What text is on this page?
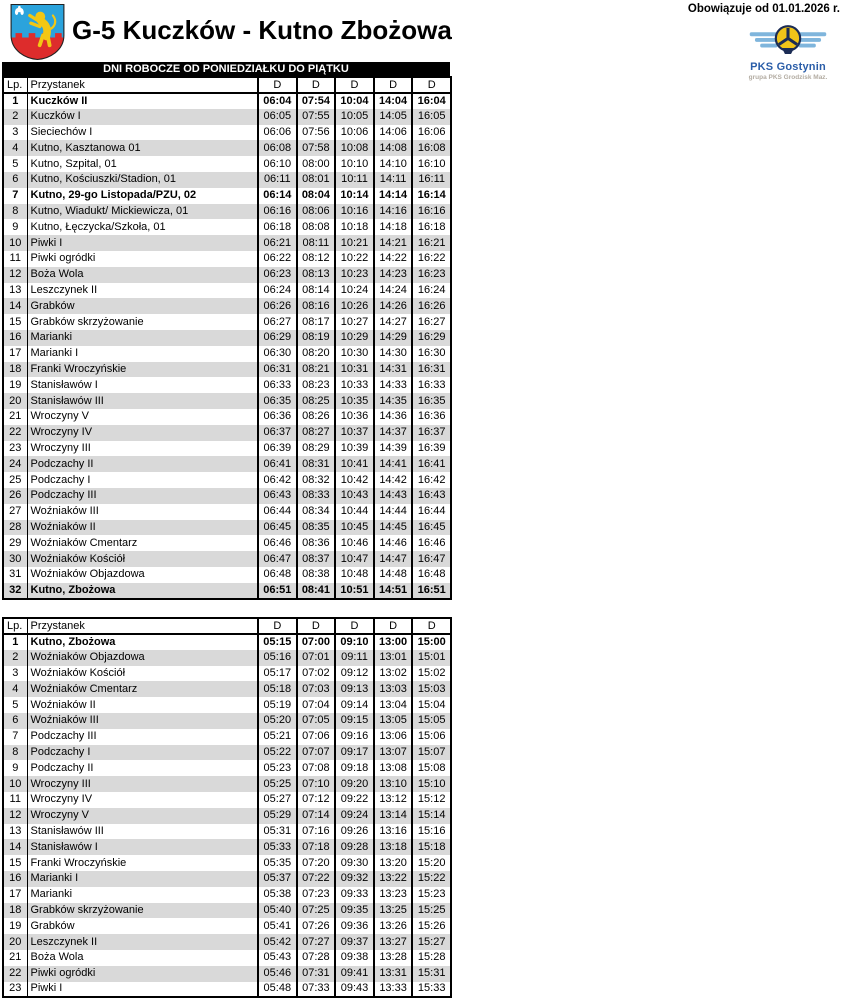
G-5 Kuczków - Kutno Zbożowa
Obowiązuje od 01.01.2026 r.
PKS Gostynin
grupa PKS Grodzisk Maz.
DNI ROBOCZE OD PONIEDZIAŁKU DO PIĄTKU
Lp.	Przystanek	D	D	D	D	D
1	Kuczków II	06:04	07:54	10:04	14:04	16:04
2	Kuczków I	06:05	07:55	10:05	14:05	16:05
3	Sieciechów I	06:06	07:56	10:06	14:06	16:06
4	Kutno, Kasztanowa 01	06:08	07:58	10:08	14:08	16:08
5	Kutno, Szpital, 01	06:10	08:00	10:10	14:10	16:10
6	Kutno, Kościuszki/Stadion, 01	06:11	08:01	10:11	14:11	16:11
7	Kutno, 29-go Listopada/PZU, 02	06:14	08:04	10:14	14:14	16:14
8	Kutno, Wiadukt/ Mickiewicza, 01	06:16	08:06	10:16	14:16	16:16
9	Kutno, Łęczycka/Szkoła, 01	06:18	08:08	10:18	14:18	16:18
10	Piwki I	06:21	08:11	10:21	14:21	16:21
11	Piwki ogródki	06:22	08:12	10:22	14:22	16:22
12	Boża Wola	06:23	08:13	10:23	14:23	16:23
13	Leszczynek II	06:24	08:14	10:24	14:24	16:24
14	Grabków	06:26	08:16	10:26	14:26	16:26
15	Grabków skrzyżowanie	06:27	08:17	10:27	14:27	16:27
16	Marianki	06:29	08:19	10:29	14:29	16:29
17	Marianki I	06:30	08:20	10:30	14:30	16:30
18	Franki Wroczyńskie	06:31	08:21	10:31	14:31	16:31
19	Stanisławów I	06:33	08:23	10:33	14:33	16:33
20	Stanisławów III	06:35	08:25	10:35	14:35	16:35
21	Wroczyny V	06:36	08:26	10:36	14:36	16:36
22	Wroczyny IV	06:37	08:27	10:37	14:37	16:37
23	Wroczyny III	06:39	08:29	10:39	14:39	16:39
24	Podczachy II	06:41	08:31	10:41	14:41	16:41
25	Podczachy I	06:42	08:32	10:42	14:42	16:42
26	Podczachy III	06:43	08:33	10:43	14:43	16:43
27	Woźniaków III	06:44	08:34	10:44	14:44	16:44
28	Woźniaków II	06:45	08:35	10:45	14:45	16:45
29	Woźniaków Cmentarz	06:46	08:36	10:46	14:46	16:46
30	Woźniaków Kościół	06:47	08:37	10:47	14:47	16:47
31	Woźniaków Objazdowa	06:48	08:38	10:48	14:48	16:48
32	Kutno, Zbożowa	06:51	08:41	10:51	14:51	16:51
Lp.	Przystanek	D	D	D	D	D
1	Kutno, Zbożowa	05:15	07:00	09:10	13:00	15:00
2	Woźniaków Objazdowa	05:16	07:01	09:11	13:01	15:01
3	Woźniaków Kościół	05:17	07:02	09:12	13:02	15:02
4	Woźniaków Cmentarz	05:18	07:03	09:13	13:03	15:03
5	Woźniaków II	05:19	07:04	09:14	13:04	15:04
6	Woźniaków III	05:20	07:05	09:15	13:05	15:05
7	Podczachy III	05:21	07:06	09:16	13:06	15:06
8	Podczachy I	05:22	07:07	09:17	13:07	15:07
9	Podczachy II	05:23	07:08	09:18	13:08	15:08
10	Wroczyny III	05:25	07:10	09:20	13:10	15:10
11	Wroczyny IV	05:27	07:12	09:22	13:12	15:12
12	Wroczyny V	05:29	07:14	09:24	13:14	15:14
13	Stanisławów III	05:31	07:16	09:26	13:16	15:16
14	Stanisławów I	05:33	07:18	09:28	13:18	15:18
15	Franki Wroczyńskie	05:35	07:20	09:30	13:20	15:20
16	Marianki I	05:37	07:22	09:32	13:22	15:22
17	Marianki	05:38	07:23	09:33	13:23	15:23
18	Grabków skrzyżowanie	05:40	07:25	09:35	13:25	15:25
19	Grabków	05:41	07:26	09:36	13:26	15:26
20	Leszczynek II	05:42	07:27	09:37	13:27	15:27
21	Boża Wola	05:43	07:28	09:38	13:28	15:28
22	Piwki ogródki	05:46	07:31	09:41	13:31	15:31
23	Piwki I	05:48	07:33	09:43	13:33	15:33
